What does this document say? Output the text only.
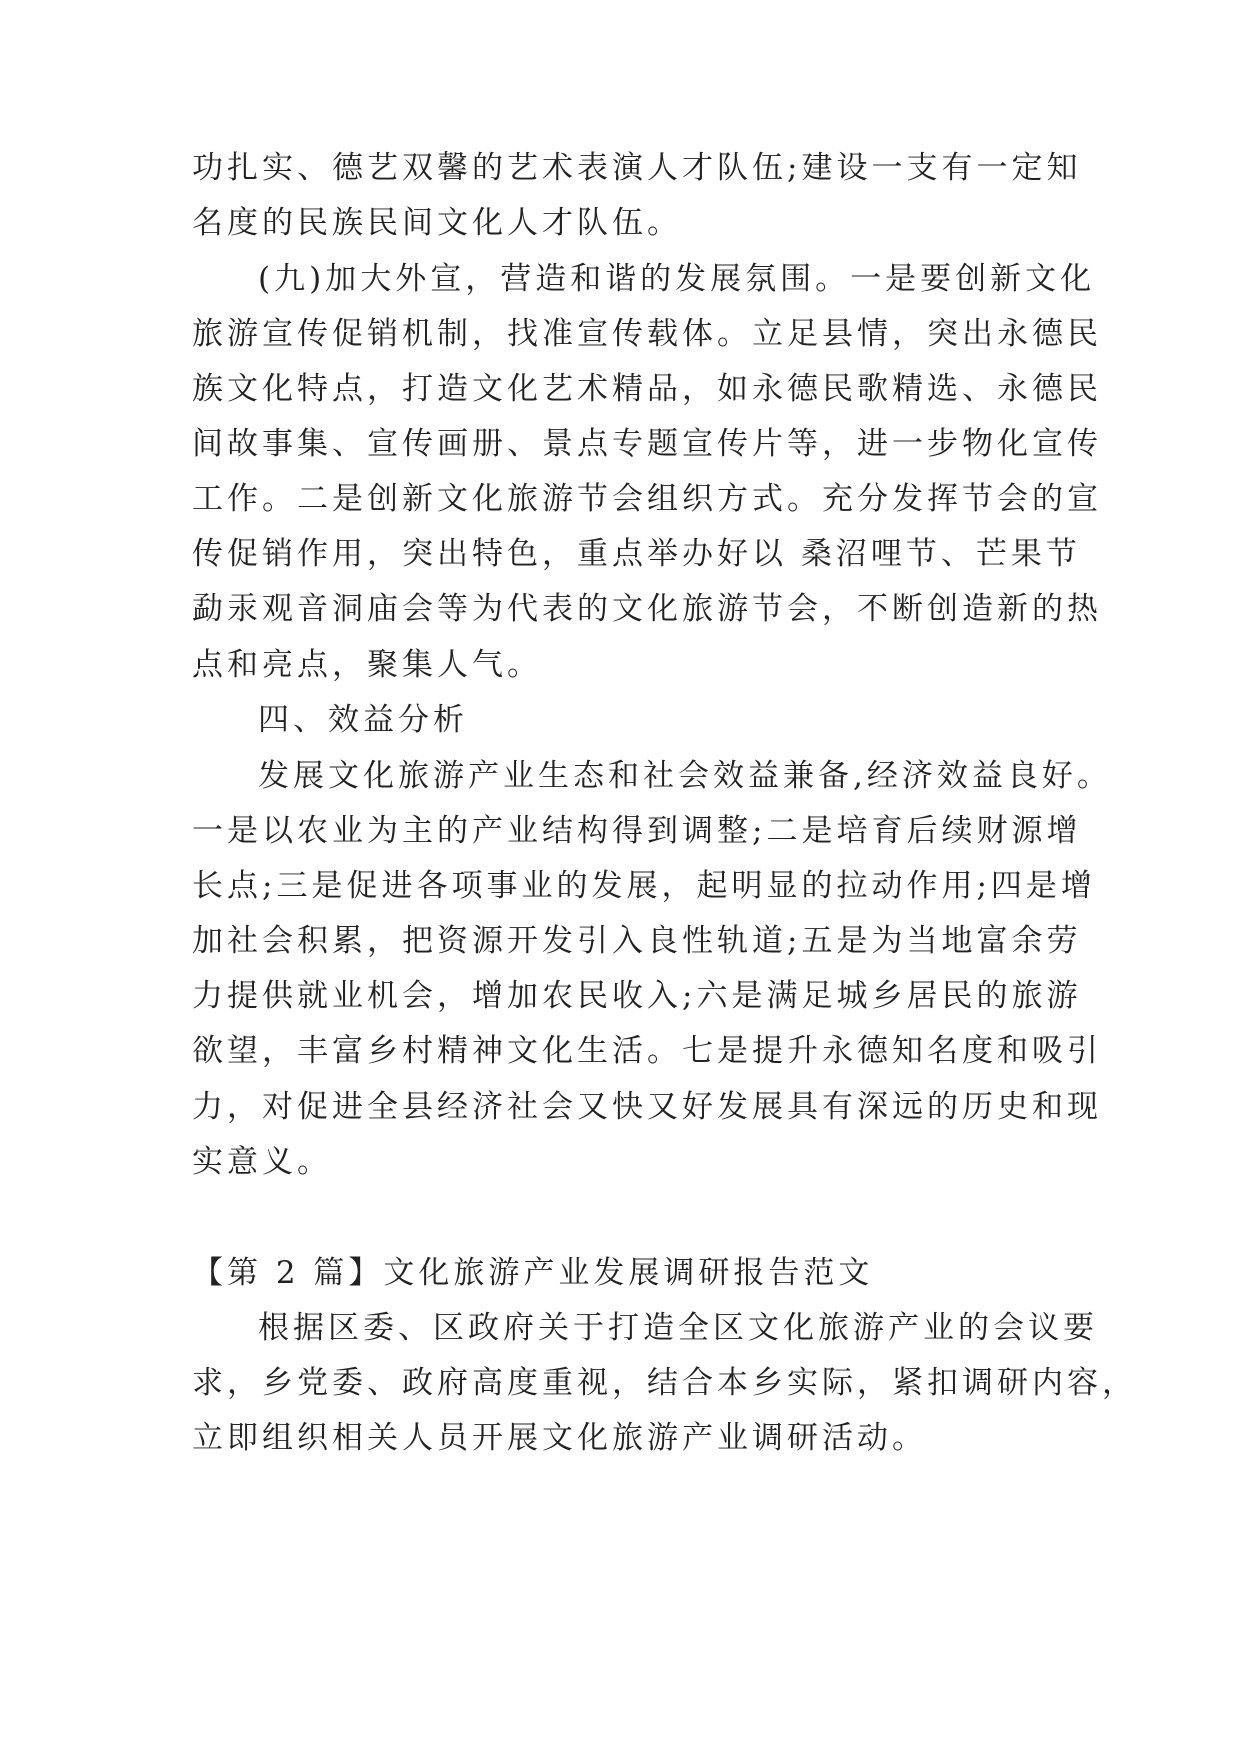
功扎实、德艺双馨的艺术表演人才队伍;建设一支有一定知
名度的民族民间文化人才队伍。
(九)加大外宣，营造和谐的发展氛围。一是要创新文化
旅游宣传促销机制，找准宣传载体。立足县情，突出永德民
族文化特点，打造文化艺术精品，如永德民歌精选、永德民
间故事集、宣传画册、景点专题宣传片等，进一步物化宣传
工作。二是创新文化旅游节会组织方式。充分发挥节会的宣
传促销作用，突出特色，重点举办好以 桑沼哩节、芒果节
勐汞观音洞庙会等为代表的文化旅游节会，不断创造新的热
点和亮点，聚集人气。
四、效益分析
发展文化旅游产业生态和社会效益兼备,经济效益良好。
一是以农业为主的产业结构得到调整;二是培育后续财源增
长点;三是促进各项事业的发展，起明显的拉动作用;四是增
加社会积累，把资源开发引入良性轨道;五是为当地富余劳
力提供就业机会，增加农民收入;六是满足城乡居民的旅游
欲望，丰富乡村精神文化生活。七是提升永德知名度和吸引
力，对促进全县经济社会又快又好发展具有深远的历史和现
实意义。
【第 2 篇】文化旅游产业发展调研报告范文
根据区委、区政府关于打造全区文化旅游产业的会议要
求，乡党委、政府高度重视，结合本乡实际，紧扣调研内容，
立即组织相关人员开展文化旅游产业调研活动。
